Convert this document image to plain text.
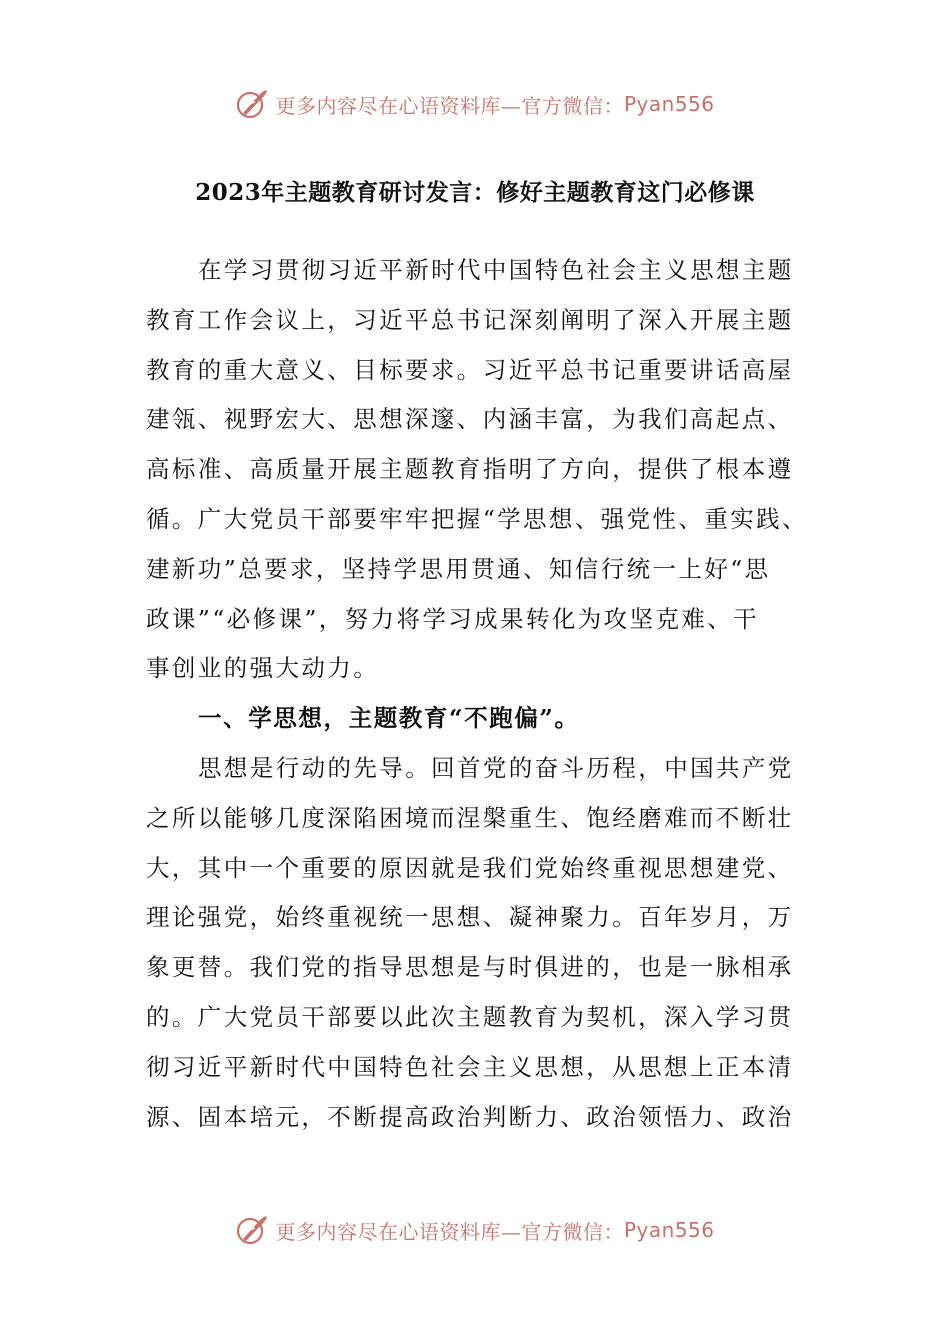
更多内容尽在心语资料库—官方微信： Pyan556
2023年主题教育研讨发言：修好主题教育这门必修课
在学习贯彻习近平新时代中国特色社会主义思想主题
教育工作会议上，习近平总书记深刻阐明了深入开展主题
教育的重大意义、目标要求。习近平总书记重要讲话高屋
建瓴、视野宏大、思想深邃、内涵丰富，为我们高起点、
高标准、高质量开展主题教育指明了方向，提供了根本遵
循。广大党员干部要牢牢把握“学思想、强党性、重实践、
建新功”总要求，坚持学思用贯通、知信行统一上好“思
政课”“必修课”，努力将学习成果转化为攻坚克难、干
事创业的强大动力。
一、学思想，主题教育“不跑偏”。
思想是行动的先导。回首党的奋斗历程，中国共产党
之所以能够几度深陷困境而涅槃重生、饱经磨难而不断壮
大，其中一个重要的原因就是我们党始终重视思想建党、
理论强党，始终重视统一思想、凝神聚力。百年岁月，万
象更替。我们党的指导思想是与时俱进的，也是一脉相承
的。广大党员干部要以此次主题教育为契机，深入学习贯
彻习近平新时代中国特色社会主义思想，从思想上正本清
源、固本培元，不断提高政治判断力、政治领悟力、政治
更多内容尽在心语资料库—官方微信： Pyan556
